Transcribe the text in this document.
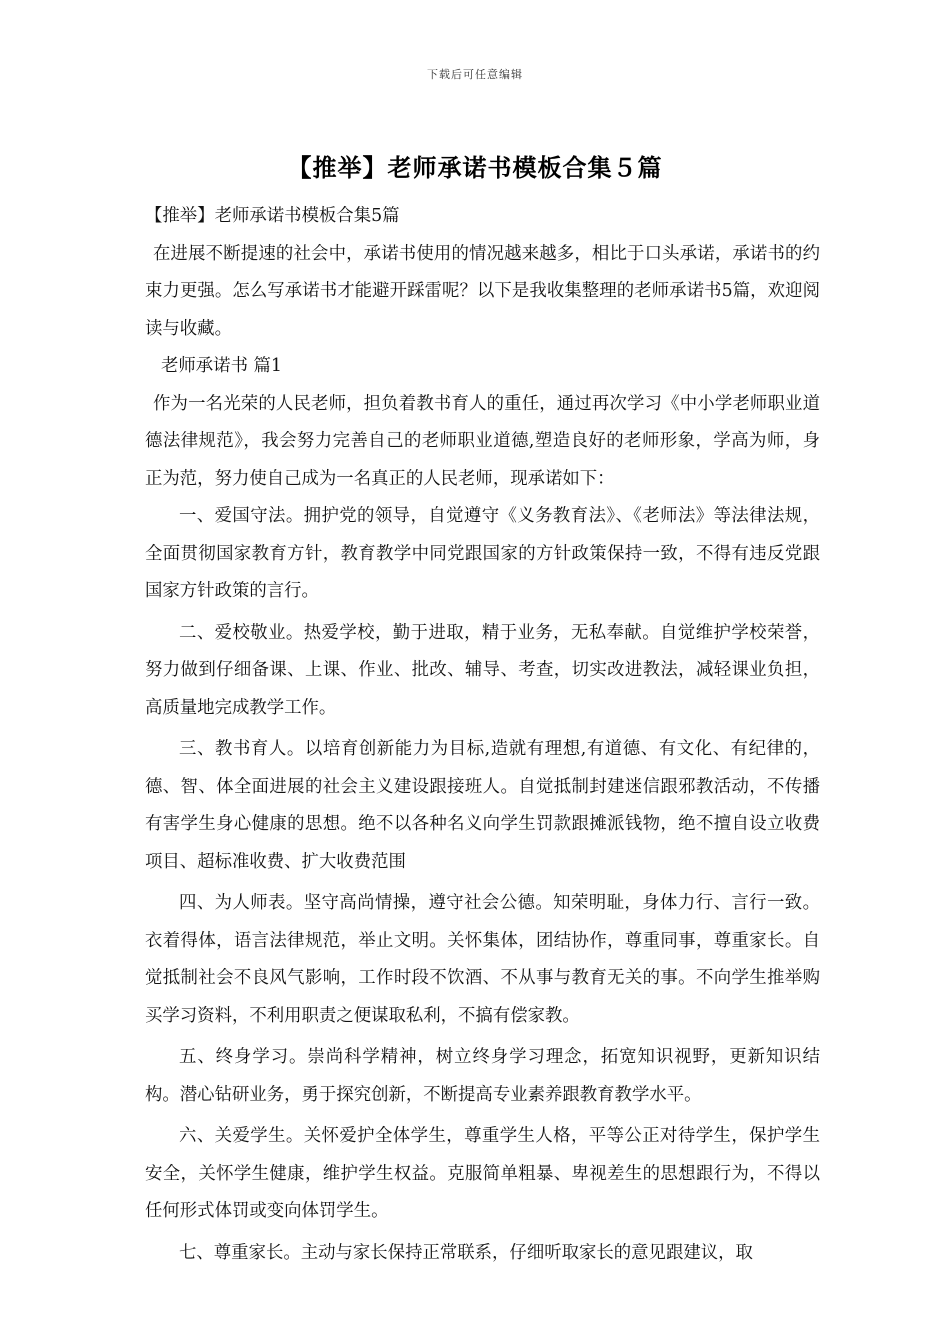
下载后可任意编辑
【推举】老师承诺书模板合集５篇

【推举】老师承诺书模板合集5篇

在进展不断提速的社会中，承诺书使用的情况越来越多，相比于口头承诺，承诺书的约束力更强。怎么写承诺书才能避开踩雷呢？以下是我收集整理的老师承诺书5篇，欢迎阅读与收藏。

老师承诺书 篇1

作为一名光荣的人民老师，担负着教书育人的重任，通过再次学习《中小学老师职业道德法律规范》，我会努力完善自己的老师职业道德,塑造良好的老师形象，学高为师，身正为范，努力使自己成为一名真正的人民老师，现承诺如下：

一、爱国守法。拥护党的领导，自觉遵守《义务教育法》、《老师法》等法律法规，全面贯彻国家教育方针，教育教学中同党跟国家的方针政策保持一致，不得有违反党跟国家方针政策的言行。

二、爱校敬业。热爱学校，勤于进取，精于业务，无私奉献。自觉维护学校荣誉，努力做到仔细备课、上课、作业、批改、辅导、考查，切实改进教法，减轻课业负担，高质量地完成教学工作。

三、教书育人。以培育创新能力为目标,造就有理想,有道德、有文化、有纪律的，德、智、体全面进展的社会主义建设跟接班人。自觉抵制封建迷信跟邪教活动，不传播有害学生身心健康的思想。绝不以各种名义向学生罚款跟摊派钱物，绝不擅自设立收费项目、超标准收费、扩大收费范围

四、为人师表。坚守高尚情操，遵守社会公德。知荣明耻，身体力行、言行一致。衣着得体，语言法律规范，举止文明。关怀集体，团结协作，尊重同事，尊重家长。自觉抵制社会不良风气影响，工作时段不饮酒、不从事与教育无关的事。不向学生推举购买学习资料，不利用职责之便谋取私利，不搞有偿家教。

五、终身学习。崇尚科学精神，树立终身学习理念，拓宽知识视野，更新知识结构。潜心钻研业务，勇于探究创新，不断提高专业素养跟教育教学水平。

六、关爱学生。关怀爱护全体学生，尊重学生人格，平等公正对待学生，保护学生安全，关怀学生健康，维护学生权益。克服简单粗暴、卑视差生的思想跟行为，不得以任何形式体罚或变向体罚学生。

七、尊重家长。主动与家长保持正常联系，仔细听取家长的意见跟建议，取
